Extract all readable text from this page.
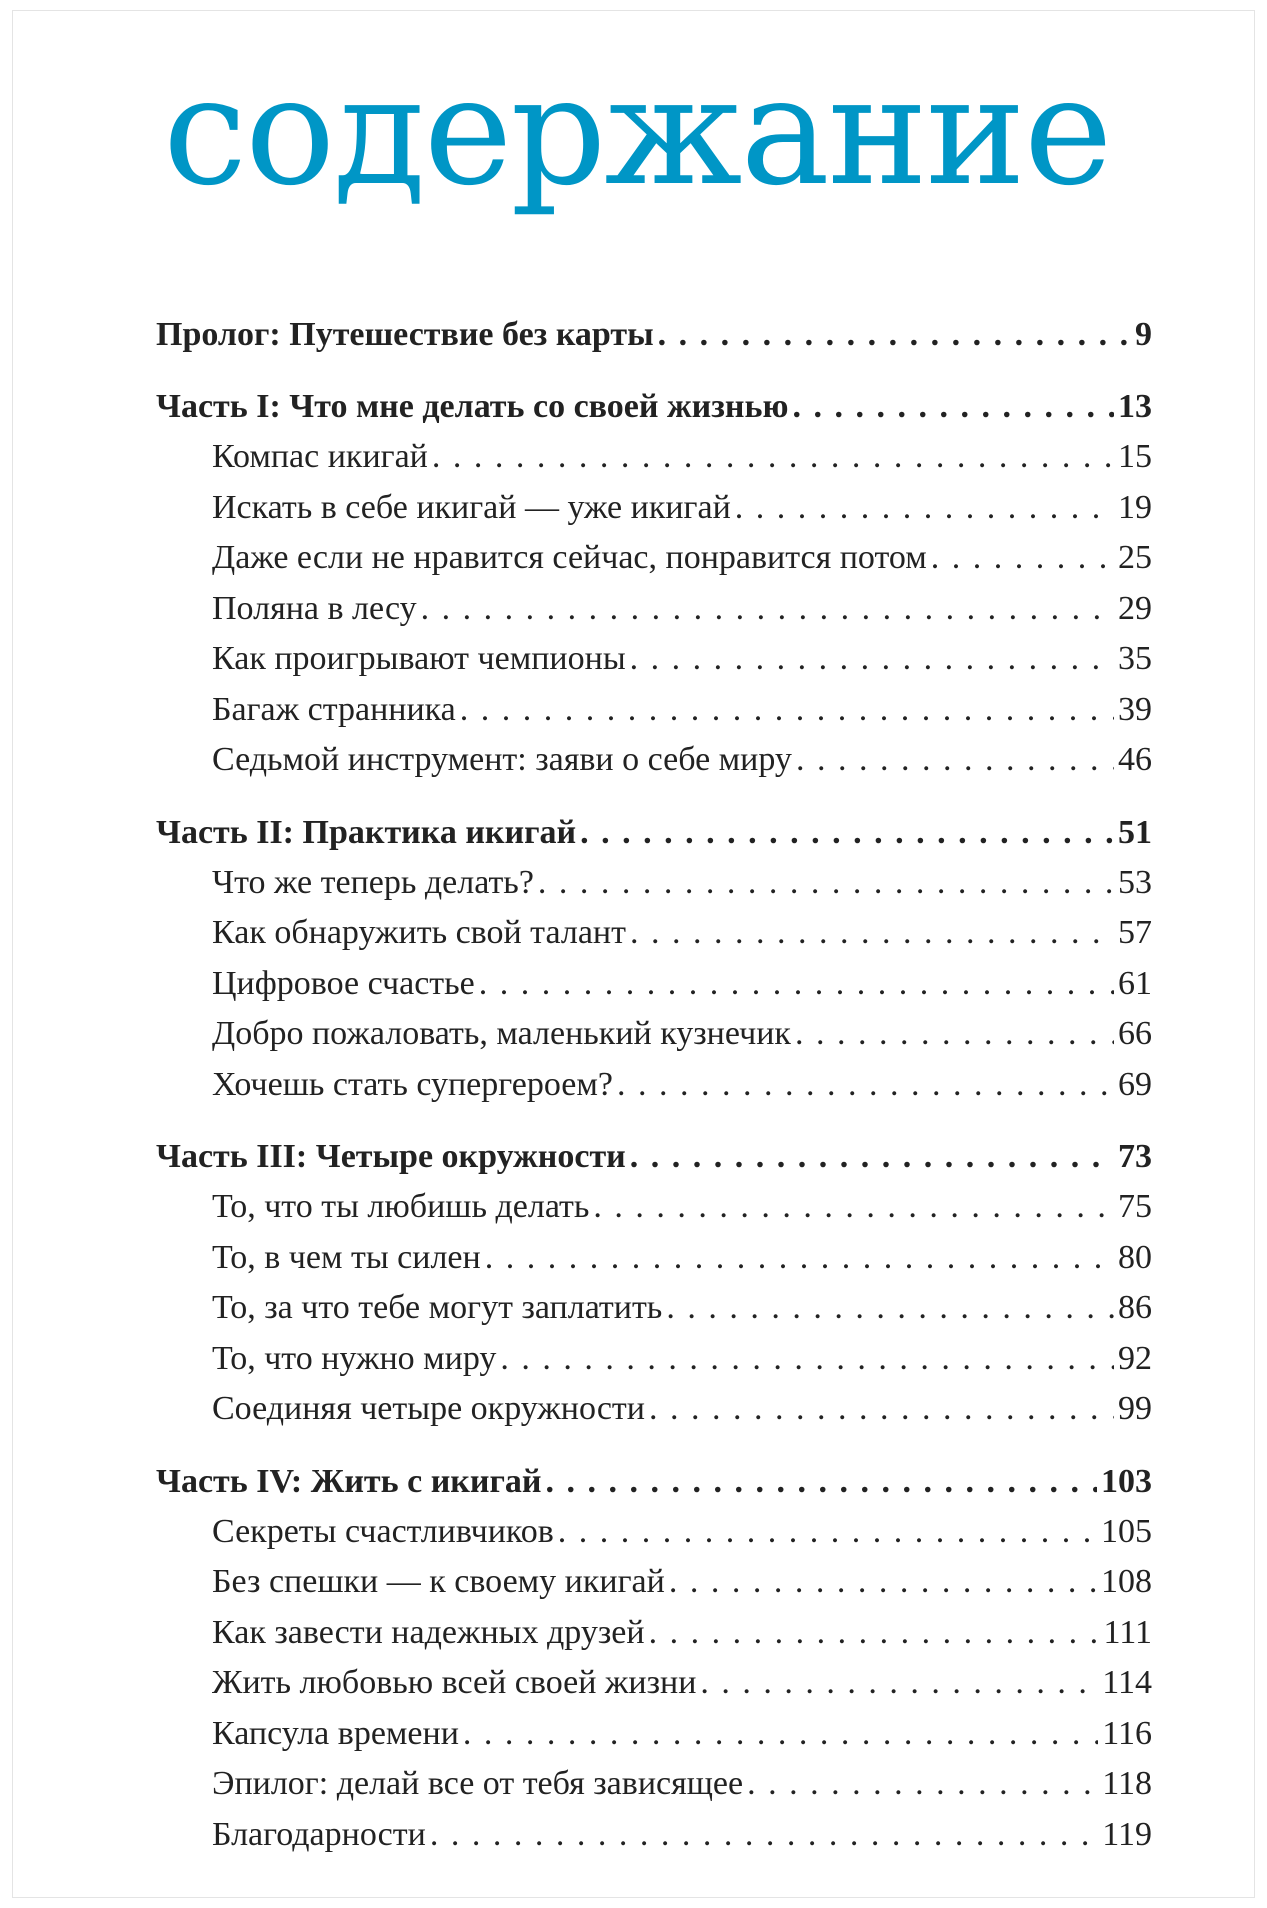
содержание
Пролог: Путешествие без карты . . .	9
Часть I: Что мне делать со своей жизнью . . .	13
Компас икигай . . .	15
Искать в себе икигай — уже икигай . . .	19
Даже если не нравится сейчас, понравится потом . . .	25
Поляна в лесу . . .	29
Как проигрывают чемпионы . . .	35
Багаж странника . . .	39
Седьмой инструмент: заяви о себе миру . . .	46
Часть II: Практика икигай . . .	51
Что же теперь делать? . . .	53
Как обнаружить свой талант . . .	57
Цифровое счастье . . .	61
Добро пожаловать, маленький кузнечик . . .	66
Хочешь стать супергероем? . . .	69
Часть III: Четыре окружности . . .	73
То, что ты любишь делать . . .	75
То, в чем ты силен . . .	80
То, за что тебе могут заплатить . . .	86
То, что нужно миру . . .	92
Соединяя четыре окружности . . .	99
Часть IV: Жить с икигай . . .	103
Секреты счастливчиков . . .	105
Без спешки — к своему икигай . . .	108
Как завести надежных друзей . . .	111
Жить любовью всей своей жизни . . .	114
Капсула времени . . .	116
Эпилог: делай все от тебя зависящее . . .	118
Благодарности . . .	119
